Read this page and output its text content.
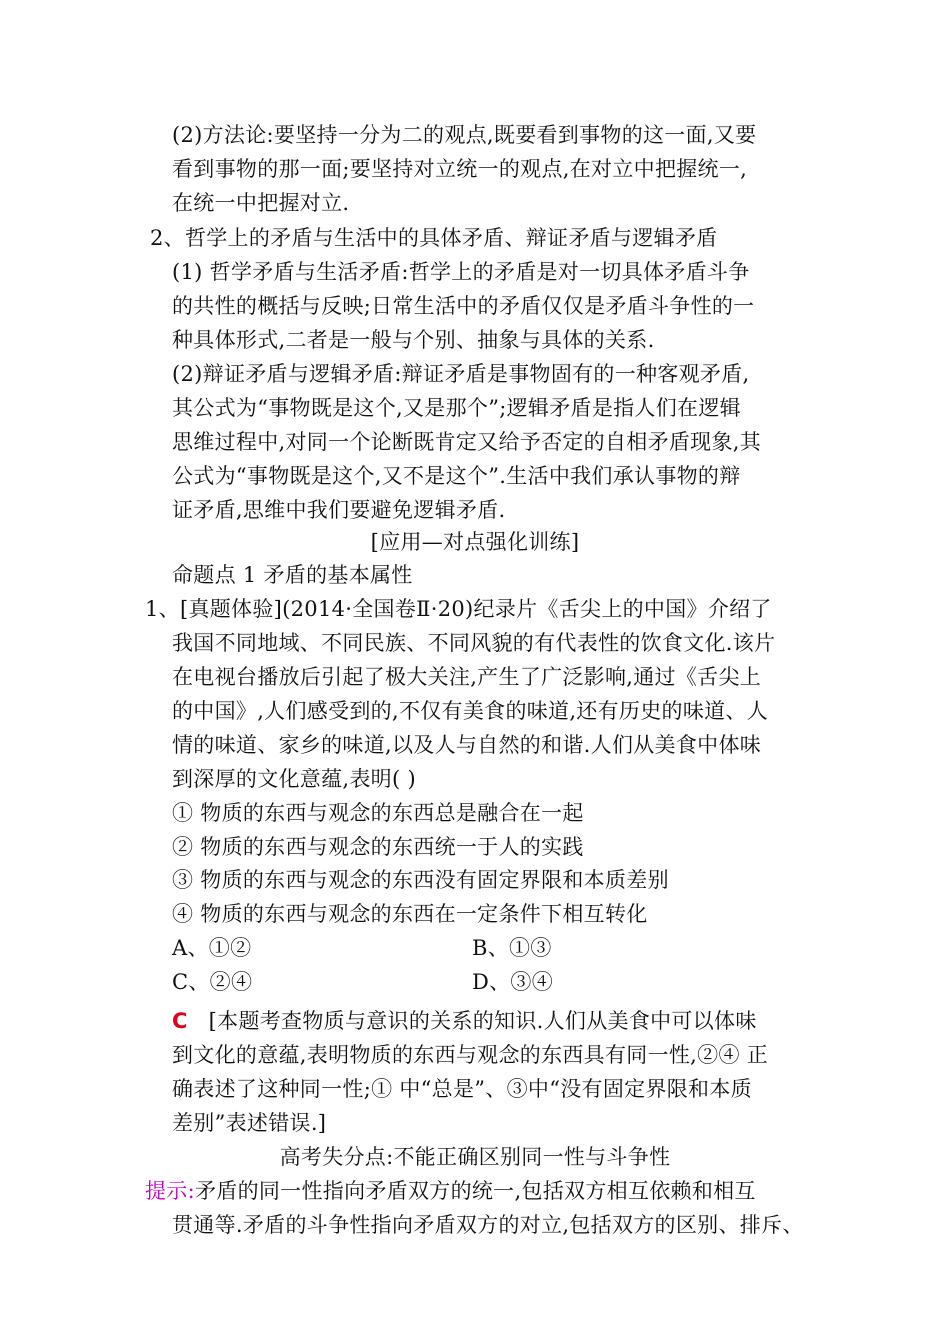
(2)方法论:要坚持一分为二的观点,既要看到事物的这一面,又要
看到事物的那一面;要坚持对立统一的观点,在对立中把握统一,
在统一中把握对立.
2、哲学上的矛盾与生活中的具体矛盾、辩证矛盾与逻辑矛盾
(1) 哲学矛盾与生活矛盾:哲学上的矛盾是对一切具体矛盾斗争
的共性的概括与反映;日常生活中的矛盾仅仅是矛盾斗争性的一
种具体形式,二者是一般与个别、抽象与具体的关系.
(2)辩证矛盾与逻辑矛盾:辩证矛盾是事物固有的一种客观矛盾,
其公式为“事物既是这个,又是那个”;逻辑矛盾是指人们在逻辑
思维过程中,对同一个论断既肯定又给予否定的自相矛盾现象,其
公式为“事物既是这个,又不是这个”.生活中我们承认事物的辩
证矛盾,思维中我们要避免逻辑矛盾.
[应用—对点强化训练]
命题点 1 矛盾的基本属性
1、[真题体验](2014·全国卷Ⅱ·20)纪录片《舌尖上的中国》介绍了
我国不同地域、不同民族、不同风貌的有代表性的饮食文化.该片
在电视台播放后引起了极大关注,产生了广泛影响,通过《舌尖上
的中国》,人们感受到的,不仅有美食的味道,还有历史的味道、人
情的味道、家乡的味道,以及人与自然的和谐.人们从美食中体味
到深厚的文化意蕴,表明( )
① 物质的东西与观念的东西总是融合在一起
② 物质的东西与观念的东西统一于人的实践
③ 物质的东西与观念的东西没有固定界限和本质差别
④ 物质的东西与观念的东西在一定条件下相互转化
A、①②	B、①③
C、②④	D、③④
C [本题考查物质与意识的关系的知识.人们从美食中可以体味
到文化的意蕴,表明物质的东西与观念的东西具有同一性,②④ 正
确表述了这种同一性;① 中“总是”、③中“没有固定界限和本质
差别”表述错误.]
高考失分点:不能正确区别同一性与斗争性
提示:矛盾的同一性指向矛盾双方的统一,包括双方相互依赖和相互
贯通等.矛盾的斗争性指向矛盾双方的对立,包括双方的区别、排斥、
